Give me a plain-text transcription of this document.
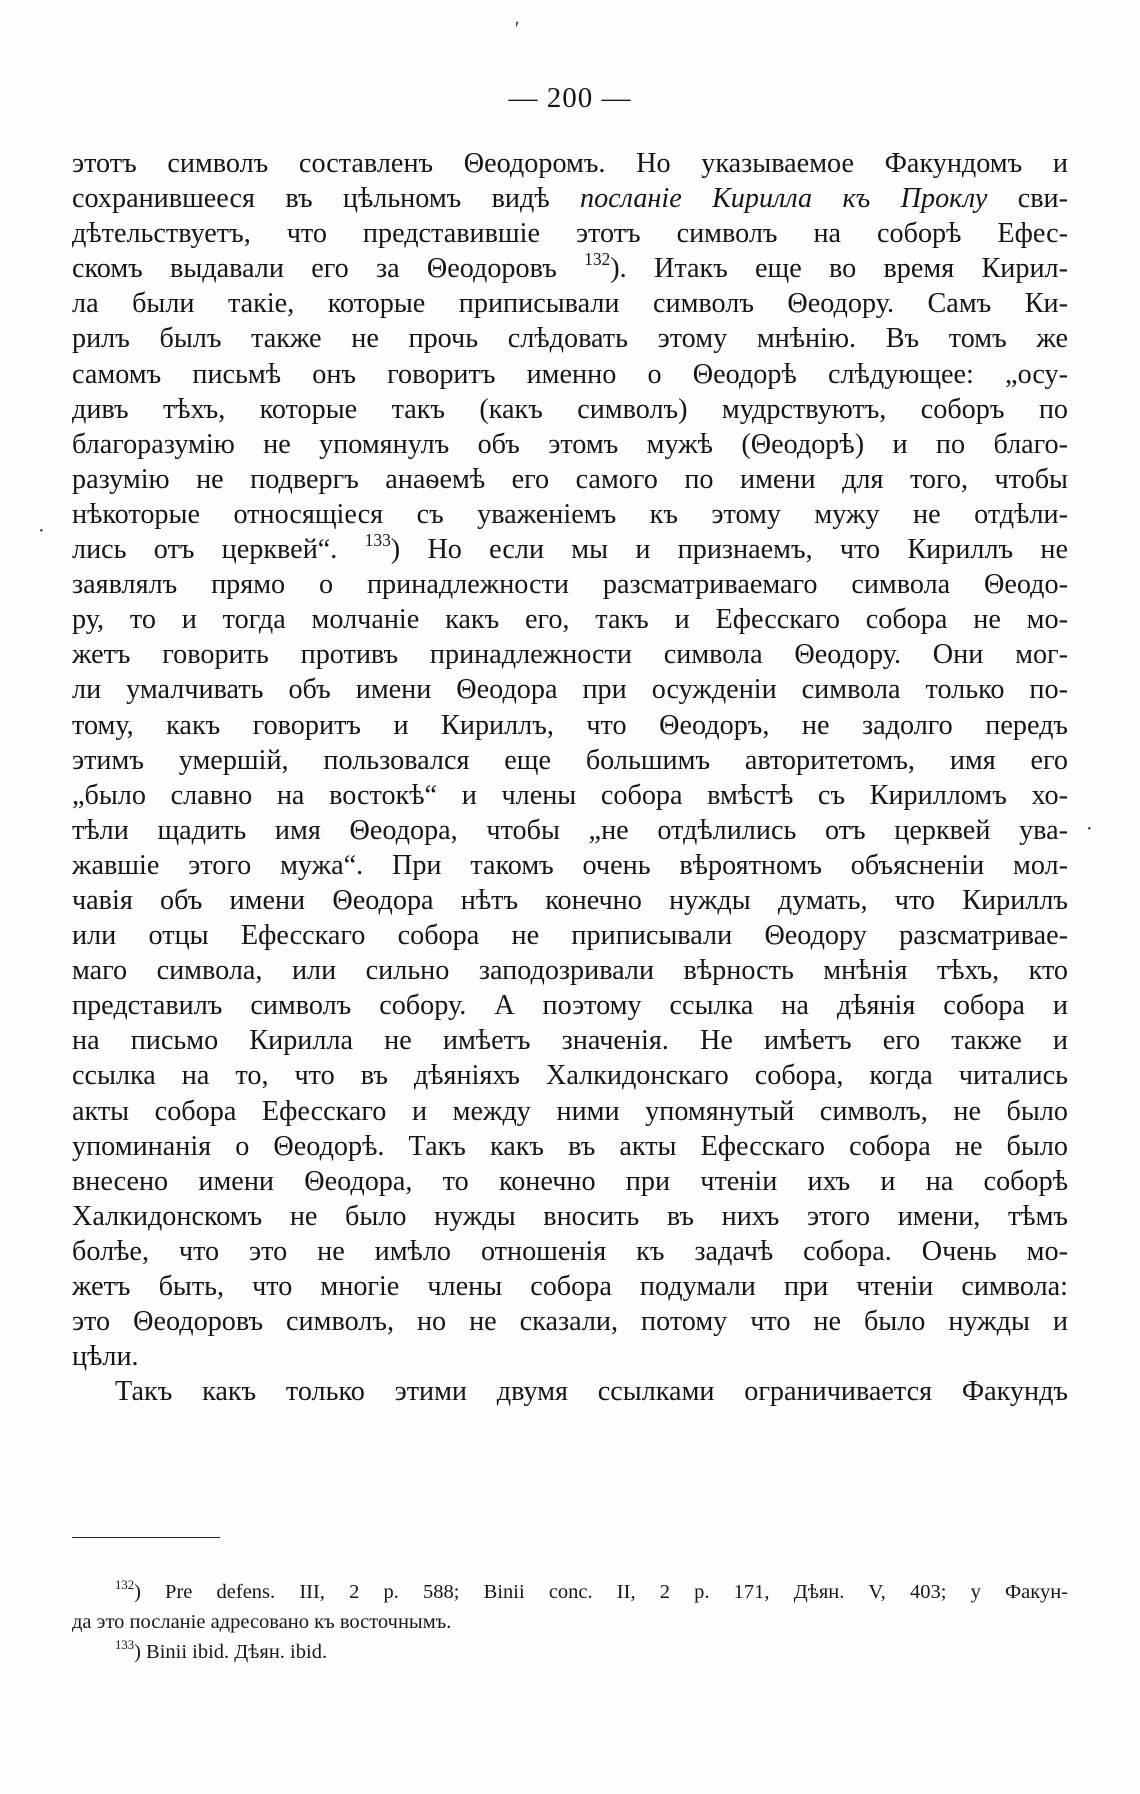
— 200 —
этотъ символъ составленъ Θеодоромъ. Но указываемое Факундомъ и
сохранившееся въ цѣльномъ видѣ посланіе Кирилла къ Проклу сви-
дѣтельствуетъ, что представившіе этотъ символъ на соборѣ Ефес-
скомъ выдавали его за Θеодоровъ $^{132}$). Итакъ еще во время Кирил-
ла были такіе, которые приписывали символъ Θеодору. Самъ Ки-
рилъ былъ также не прочь слѣдовать этому мнѣнію. Въ томъ же
самомъ письмѣ онъ говоритъ именно о Θеодорѣ слѣдующее: „осу-
дивъ тѣхъ, которые такъ (какъ символъ) мудрствуютъ, соборъ по
благоразумію не упомянулъ объ этомъ мужѣ (Θеодорѣ) и по благо-
разумію не подвергъ анаѳемѣ его самого по имени для того, чтобы
нѣкоторые относящіеся съ уваженіемъ къ этому мужу не отдѣли-
лись отъ церквей“. $^{133}$) Но если мы и признаемъ, что Кириллъ не
заявлялъ прямо о принадлежности разсматриваемаго символа Θеодо-
ру, то и тогда молчаніе какъ его, такъ и Ефесскаго собора не мо-
жетъ говорить противъ принадлежности символа Θеодору. Они мог-
ли умалчивать объ имени Θеодора при осужденіи символа только по-
тому, какъ говоритъ и Кириллъ, что Θеодоръ, не задолго передъ
этимъ умершій, пользовался еще большимъ авторитетомъ, имя его
„было славно на востокѣ“ и члены собора вмѣстѣ съ Кирилломъ хо-
тѣли щадить имя Θеодора, чтобы „не отдѣлились отъ церквей ува-
жавшіе этого мужа“. При такомъ очень вѣроятномъ объясненіи мол-
чавія объ имени Θеодора нѣтъ конечно нужды думать, что Кириллъ
или отцы Ефесскаго собора не приписывали Θеодору разсматривае-
маго символа, или сильно заподозривали вѣрность мнѣнія тѣхъ, кто
представилъ символъ собору. А поэтому ссылка на дѣянія собора и
на письмо Кирилла не имѣетъ значенія. Не имѣетъ его также и
ссылка на то, что въ дѣяніяхъ Халкидонскаго собора, когда читались
акты собора Ефесскаго и между ними упомянутый символъ, не было
упоминанія о Θеодорѣ. Такъ какъ въ акты Ефесскаго собора не было
внесено имени Θеодора, то конечно при чтеніи ихъ и на соборѣ
Халкидонскомъ не было нужды вносить въ нихъ этого имени, тѣмъ
болѣе, что это не имѣло отношенія къ задачѣ собора. Очень мо-
жетъ быть, что многіе члены собора подумали при чтеніи символа:
это Θеодоровъ символъ, но не сказали, потому что не было нужды и
цѣли.
Такъ какъ только этими двумя ссылками ограничивается Факундъ
$^{132}$) Pre defens. III, 2 p. 588; Binii conc. II, 2 p. 171, Дѣян. V, 403; у Факун-
да это посланіе адресовано къ восточнымъ.
$^{133}$) Binii ibid. Дѣян. ibid.
ʹ
·
·
